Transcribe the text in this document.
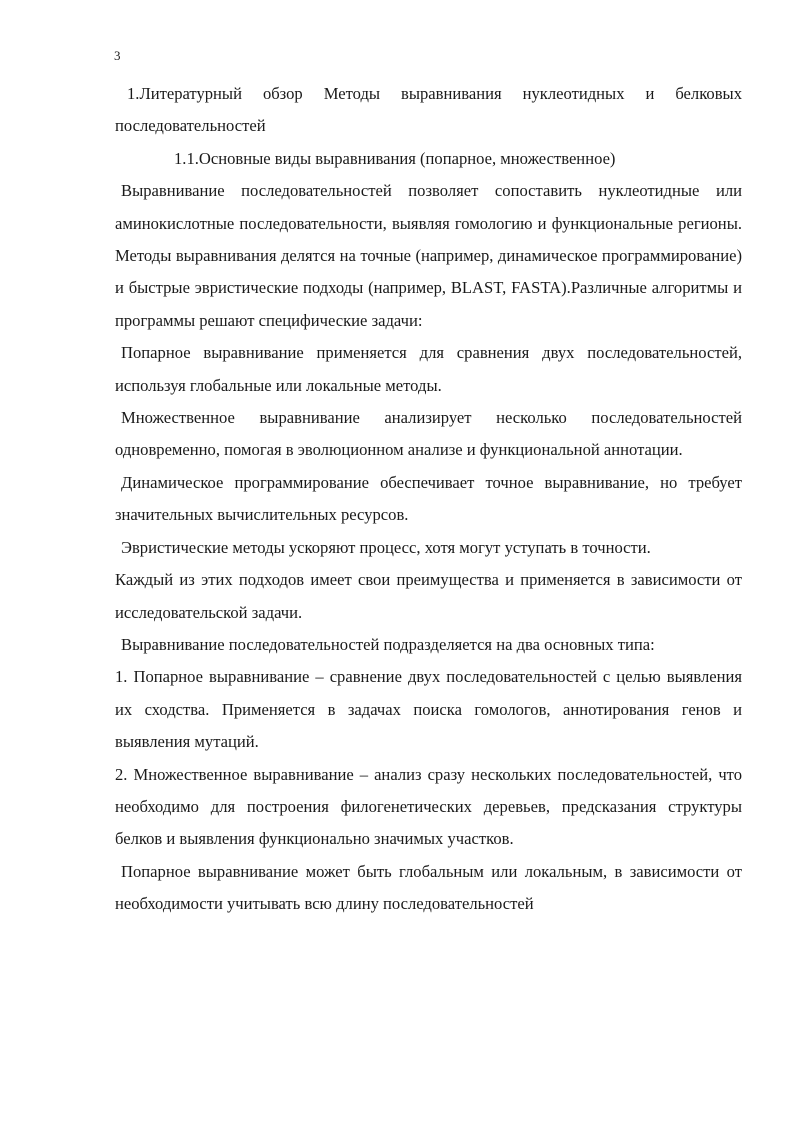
3

1.Литературный обзор Методы выравнивания нуклеотидных и белковых последовательностей

1.1.Основные виды выравнивания (попарное, множественное)

Выравнивание последовательностей позволяет сопоставить нуклеотидные или аминокислотные последовательности, выявляя гомологию и функциональные регионы. Методы выравнивания делятся на точные (например, динамическое программирование) и быстрые эвристические подходы (например, BLAST, FASTA).Различные алгоритмы и программы решают специфические задачи:

Попарное выравнивание применяется для сравнения двух последовательностей, используя глобальные или локальные методы.

Множественное выравнивание анализирует несколько последовательностей одновременно, помогая в эволюционном анализе и функциональной аннотации.

Динамическое программирование обеспечивает точное выравнивание, но требует значительных вычислительных ресурсов.

Эвристические методы ускоряют процесс, хотя могут уступать в точности.

Каждый из этих подходов имеет свои преимущества и применяется в зависимости от исследовательской задачи.

Выравнивание последовательностей подразделяется на два основных типа:

1. Попарное выравнивание – сравнение двух последовательностей с целью выявления их сходства. Применяется в задачах поиска гомологов, аннотирования генов и выявления мутаций.

2. Множественное выравнивание – анализ сразу нескольких последовательностей, что необходимо для построения филогенетических деревьев, предсказания структуры белков и выявления функционально значимых участков.

Попарное выравнивание может быть глобальным или локальным, в зависимости от необходимости учитывать всю длину последовательностей
